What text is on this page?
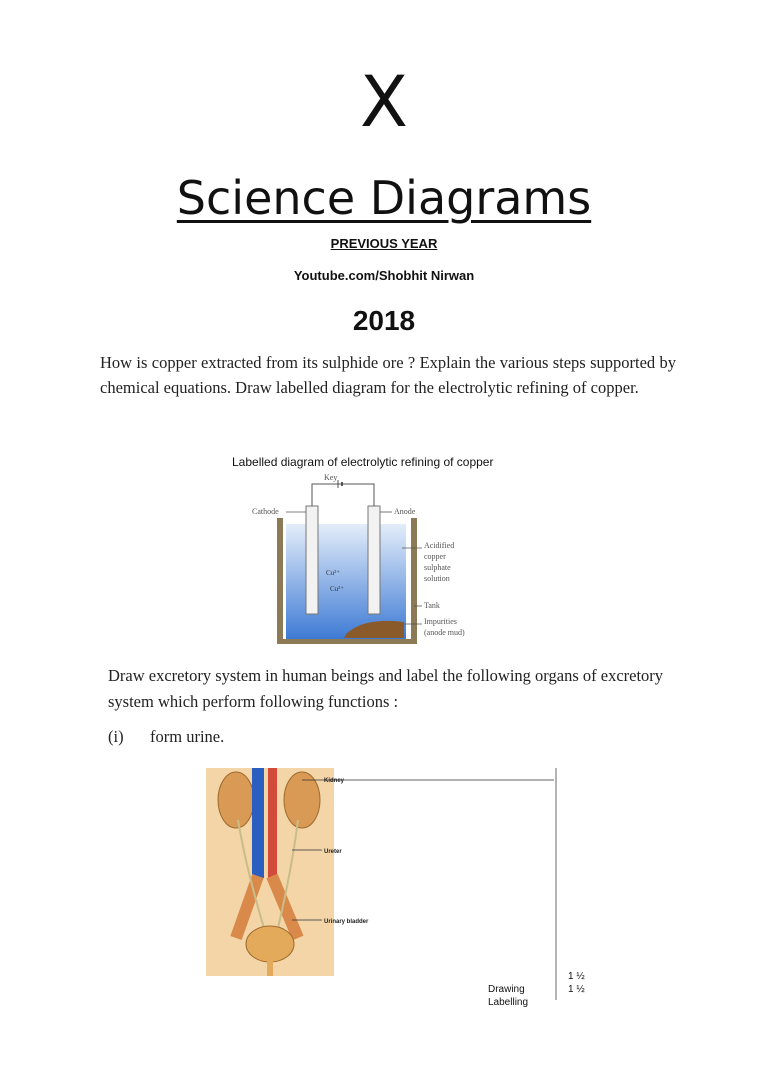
X
Science Diagrams
PREVIOUS YEAR
Youtube.com/Shobhit Nirwan
2018
How is copper extracted from its sulphide ore ? Explain the various steps supported by chemical equations. Draw labelled diagram for the electrolytic refining of copper.
Labelled diagram of electrolytic refining of copper
Key
Cathode	Anode
Acidified
copper
sulphate
solution
Cu²⁺
Cu²⁺
Tank
Impurities
(anode mud)
Draw excretory system in human beings and label the following organs of excretory system which perform following functions :
(i) form urine.
Kidney
Ureter
Urinary bladder
1 ½
Drawing	1 ½
Labelling
